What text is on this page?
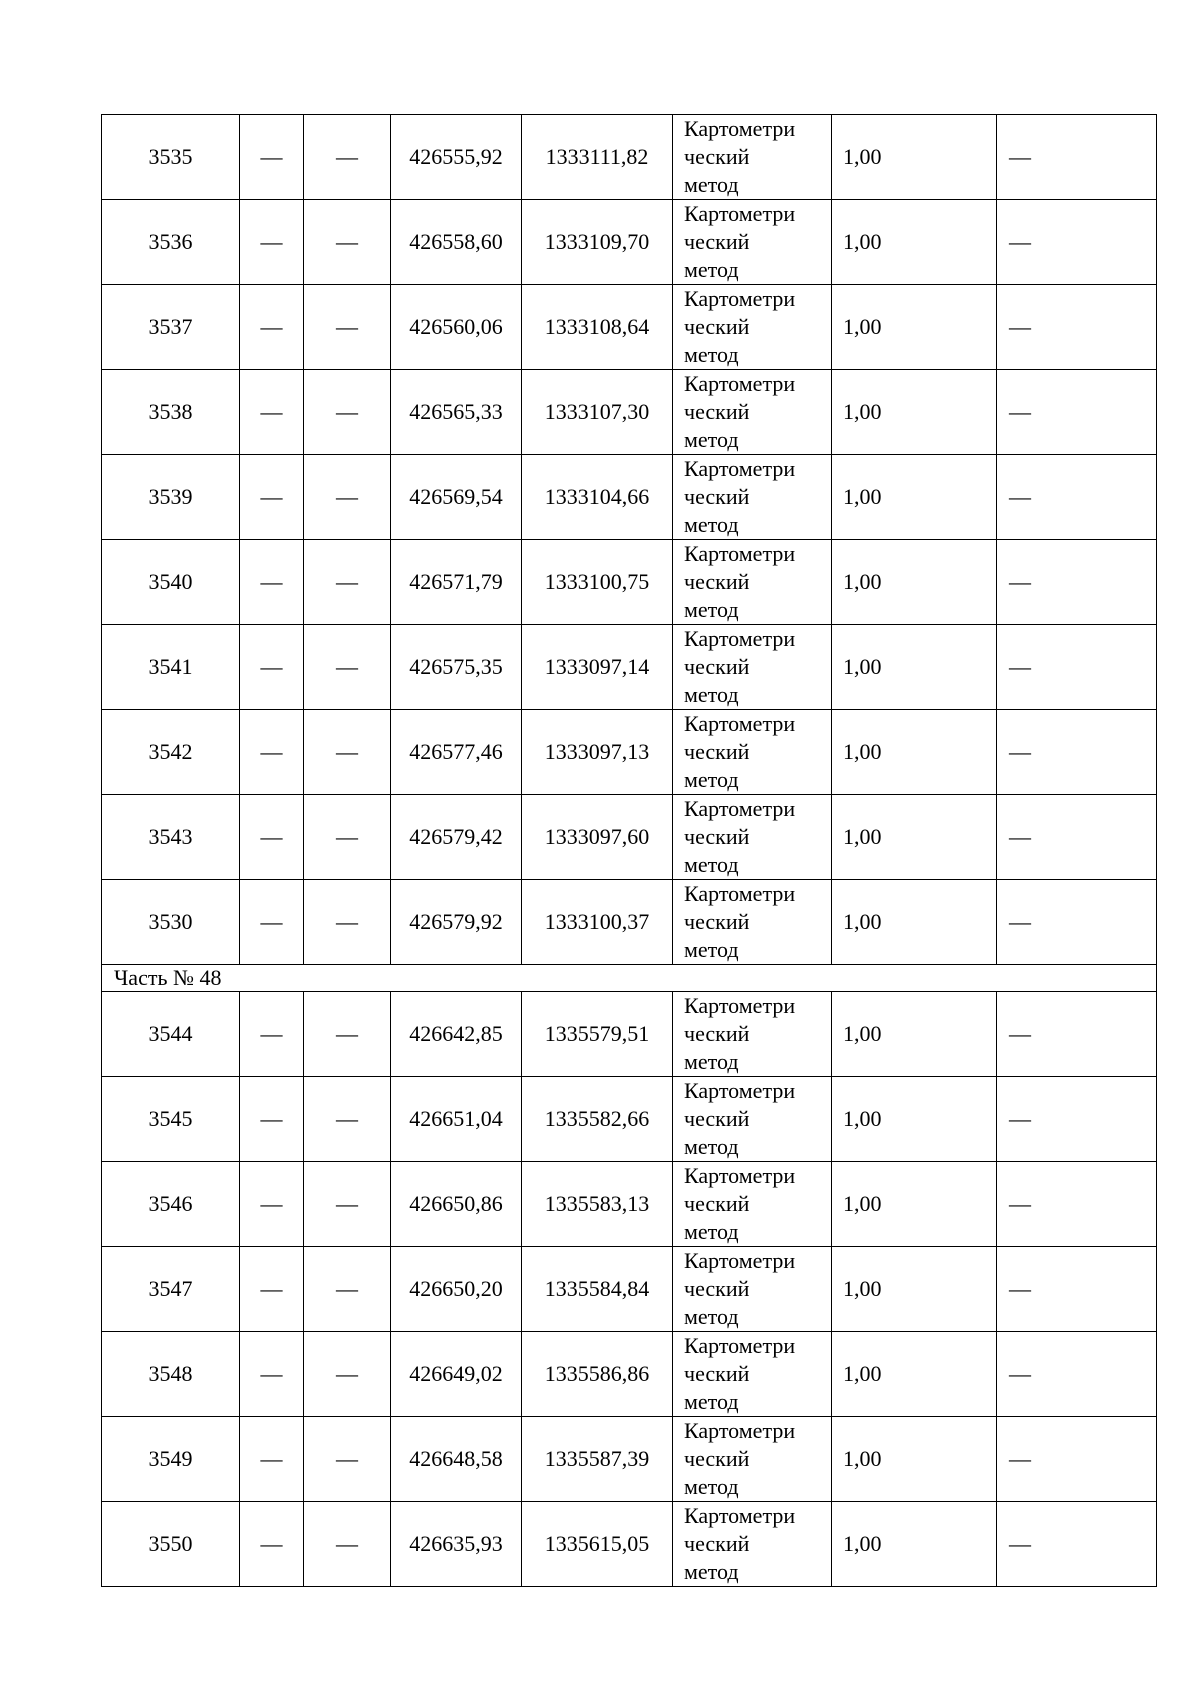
3535	—	—	426555,92	1333111,82	Картометри
ческий
метод	1,00	—
3536	—	—	426558,60	1333109,70	Картометри
ческий
метод	1,00	—
3537	—	—	426560,06	1333108,64	Картометри
ческий
метод	1,00	—
3538	—	—	426565,33	1333107,30	Картометри
ческий
метод	1,00	—
3539	—	—	426569,54	1333104,66	Картометри
ческий
метод	1,00	—
3540	—	—	426571,79	1333100,75	Картометри
ческий
метод	1,00	—
3541	—	—	426575,35	1333097,14	Картометри
ческий
метод	1,00	—
3542	—	—	426577,46	1333097,13	Картометри
ческий
метод	1,00	—
3543	—	—	426579,42	1333097,60	Картометри
ческий
метод	1,00	—
3530	—	—	426579,92	1333100,37	Картометри
ческий
метод	1,00	—
Часть № 48							
3544	—	—	426642,85	1335579,51	Картометри
ческий
метод	1,00	—
3545	—	—	426651,04	1335582,66	Картометри
ческий
метод	1,00	—
3546	—	—	426650,86	1335583,13	Картометри
ческий
метод	1,00	—
3547	—	—	426650,20	1335584,84	Картометри
ческий
метод	1,00	—
3548	—	—	426649,02	1335586,86	Картометри
ческий
метод	1,00	—
3549	—	—	426648,58	1335587,39	Картометри
ческий
метод	1,00	—
3550	—	—	426635,93	1335615,05	Картометри
ческий
метод	1,00	—
